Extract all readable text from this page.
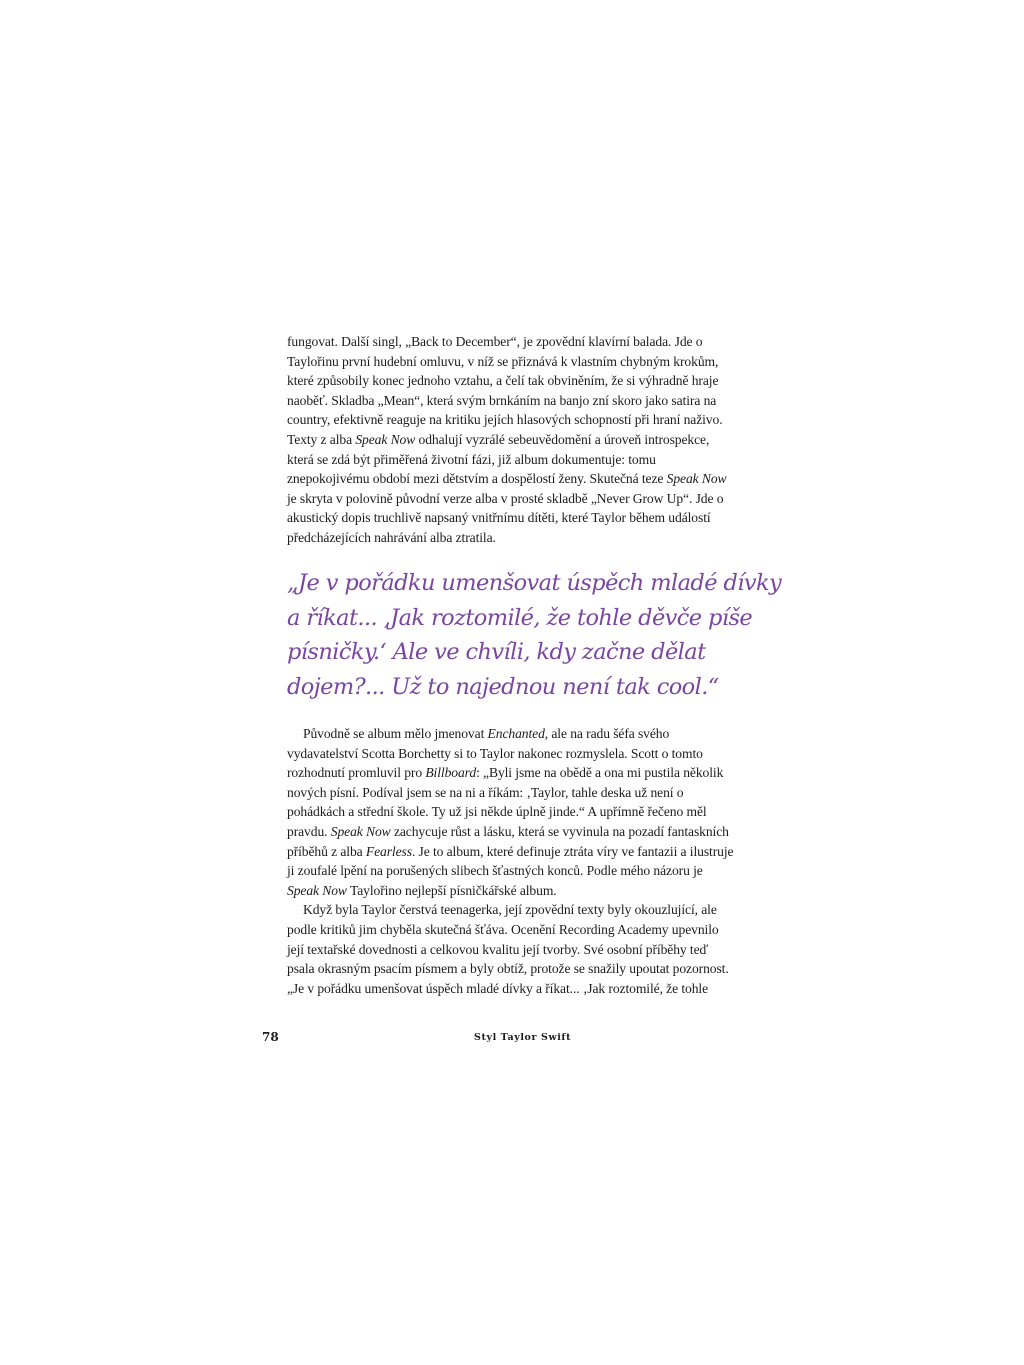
fungovat. Další singl, „Back to December“, je zpovědní klavírní balada. Jde o Taylořinu první hudební omluvu, v níž se přiznává k vlastním chybným krokům, které způsobily konec jednoho vztahu, a čelí tak obviněním, že si výhradně hraje naoběť. Skladba „Mean“, která svým brnkáním na banjo zní skoro jako satira na country, efektivně reaguje na kritiku jejích hlasových schopností při hraní naživo. Texty z alba Speak Now odhalují vyzrálé sebeuvědomění a úroveň introspekce, která se zdá být přiměřená životní fázi, již album dokumentuje: tomu znepokojivému období mezi dětstvím a dospělostí ženy. Skutečná teze Speak Now je skryta v polovině původní verze alba v prosté skladbě „Never Grow Up“. Jde o akustický dopis truchlivě napsaný vnitřnímu dítěti, které Taylor během událostí předcházejících nahrávání alba ztratila.

„Je v pořádku umenšovat úspěch mladé dívky
a říkat... ‚Jak roztomilé, že tohle děvče píše
písničky.‘ Ale ve chvíli, kdy začne dělat
dojem?... Už to najednou není tak cool.“

Původně se album mělo jmenovat Enchanted, ale na radu šéfa svého vydavatelství Scotta Borchetty si to Taylor nakonec rozmyslela. Scott o tomto rozhodnutí promluvil pro Billboard: „Byli jsme na obědě a ona mi pustila několik nových písní. Podíval jsem se na ni a říkám: ‚Taylor, tahle deska už není o pohádkách a střední škole. Ty už jsi někde úplně jinde.“ A upřímně řečeno měl pravdu. Speak Now zachycuje růst a lásku, která se vyvinula na pozadí fantaskních příběhů z alba Fearless. Je to album, které definuje ztráta víry ve fantazii a ilustruje ji zoufalé lpění na porušených slibech šťastných konců. Podle mého názoru je Speak Now Taylořino nejlepší písničkářské album.

Když byla Taylor čerstvá teenagerka, její zpovědní texty byly okouzlující, ale podle kritiků jim chyběla skutečná šťáva. Ocenění Recording Academy upevnilo její textařské dovednosti a celkovou kvalitu její tvorby. Své osobní příběhy teď psala okrasným psacím písmem a byly obtíž, protože se snažily upoutat pozornost. „Je v pořádku umenšovat úspěch mladé dívky a říkat... ‚Jak roztomilé, že tohle

78	Styl Taylor Swift
